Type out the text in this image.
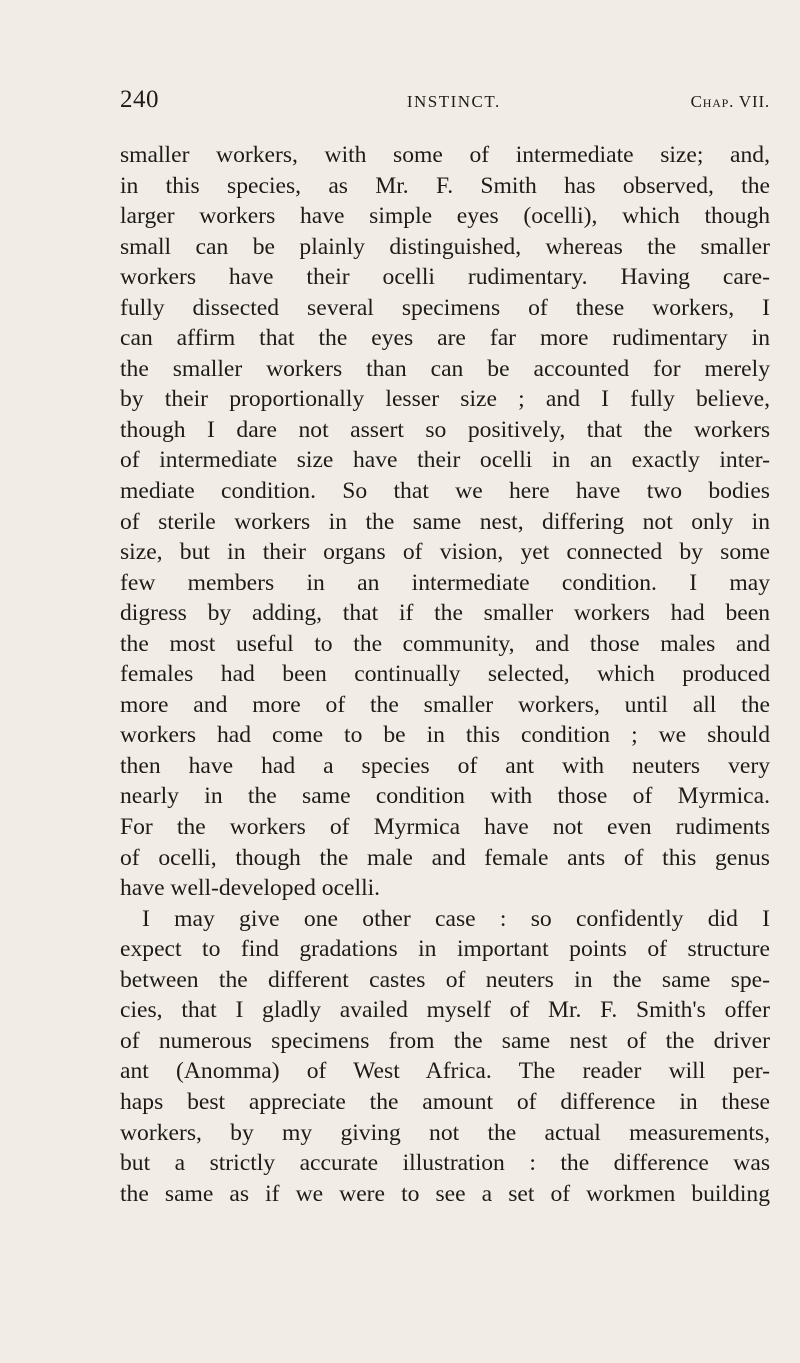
240	INSTINCT.	Chap. VII.
smaller workers, with some of intermediate size; and,
in this species, as Mr. F. Smith has observed, the
larger workers have simple eyes (ocelli), which though
small can be plainly distinguished, whereas the smaller
workers have their ocelli rudimentary. Having care-
fully dissected several specimens of these workers, I
can affirm that the eyes are far more rudimentary in
the smaller workers than can be accounted for merely
by their proportionally lesser size ; and I fully believe,
though I dare not assert so positively, that the workers
of intermediate size have their ocelli in an exactly inter-
mediate condition. So that we here have two bodies
of sterile workers in the same nest, differing not only in
size, but in their organs of vision, yet connected by some
few members in an intermediate condition. I may
digress by adding, that if the smaller workers had been
the most useful to the community, and those males and
females had been continually selected, which produced
more and more of the smaller workers, until all the
workers had come to be in this condition ; we should
then have had a species of ant with neuters very
nearly in the same condition with those of Myrmica.
For the workers of Myrmica have not even rudiments
of ocelli, though the male and female ants of this genus
have well-developed ocelli.
I may give one other case : so confidently did I
expect to find gradations in important points of structure
between the different castes of neuters in the same spe-
cies, that I gladly availed myself of Mr. F. Smith's offer
of numerous specimens from the same nest of the driver
ant (Anomma) of West Africa. The reader will per-
haps best appreciate the amount of difference in these
workers, by my giving not the actual measurements,
but a strictly accurate illustration : the difference was
the same as if we were to see a set of workmen building
